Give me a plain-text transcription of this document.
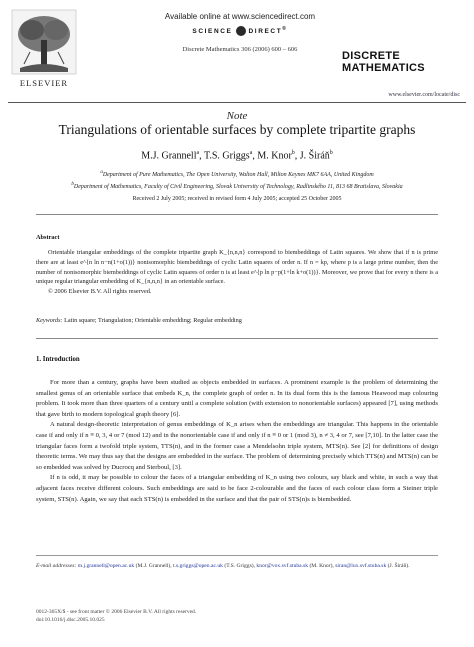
ELSEVIER
Available online at www.sciencedirect.com
SCIENCE DIRECT®
Discrete Mathematics 306 (2006) 600 – 606
DISCRETE
MATHEMATICS
www.elsevier.com/locate/disc
Note
Triangulations of orientable surfaces by complete tripartite graphs
M.J. Grannell$^a$, T.S. Griggs$^a$, M. Knor$^b$, J. Širáň$^b$
$^a$Department of Pure Mathematics, The Open University, Walton Hall, Milton Keynes MK7 6AA, United Kingdom
$^b$Department of Mathematics, Faculty of Civil Engineering, Slovak University of Technology, Radlinského 11, 813 68 Bratislava, Slovakia
Received 2 July 2005; received in revised form 4 July 2005; accepted 25 October 2005
Abstract
Orientable triangular embeddings of the complete tripartite graph K_{n,n,n} correspond to biembeddings of Latin squares. We show that if n is prime there are at least e^{n ln n−n(1+o(1))} nonisomorphic biembeddings of cyclic Latin squares of order n. If n = kp, where p is a large prime number, then the number of nonisomorphic biembeddings of cyclic Latin squares of order n is at least e^{p ln p−p(1+ln k+o(1))}. Moreover, we prove that for every n there is a unique regular triangular embedding of K_{n,n,n} in an orientable surface.
© 2006 Elsevier B.V. All rights reserved.
Keywords: Latin square; Triangulation; Orientable embedding; Regular embedding
1. Introduction

For more than a century, graphs have been studied as objects embedded in surfaces. A prominent example is the problem of determining the smallest genus of an orientable surface that embeds K_n, the complete graph of order n. In its dual form this is the famous Heawood map colouring problem. It took more than three quarters of a century until a complete solution (with extension to nonorientable surfaces) appeared [7], using methods that gave birth to modern topological graph theory [6].

A natural design-theoretic interpretation of genus embeddings of K_n arises when the embeddings are triangular. This happens in the orientable case if and only if n ≡ 0, 3, 4 or 7 (mod 12) and in the nonorientable case if and only if n ≡ 0 or 1 (mod 3), n ≠ 3, 4 or 7, see [7,10]. In the latter case the triangular faces form a twofold triple system, TTS(n), and in the former case a Mendelsohn triple system, MTS(n). See [2] for definitions of design theoretic terms. We may thus say that the designs are embedded in the surface. The problem of determining precisely which TTS(n) and MTS(n) can be so embedded was solved by Ducrocq and Sterboul, [3].

If n is odd, it may be possible to colour the faces of a triangular embedding of K_n using two colours, say black and white, in such a way that adjacent faces receive different colours. Such embeddings are said to be face 2-colourable and the faces of each colour class form a Steiner triple system, STS(n). Again, we say that each STS(n) is embedded in the surface and that the pair of STS(n)s is biembedded.

E-mail addresses: m.j.grannell@open.ac.uk (M.J. Grannell), t.s.griggs@open.ac.uk (T.S. Griggs), knor@vox.svf.stuba.sk (M. Knor), siran@lux.svf.stuba.sk (J. Širáň).
0012-365X/$ - see front matter © 2006 Elsevier B.V. All rights reserved.
doi:10.1016/j.disc.2005.10.025
